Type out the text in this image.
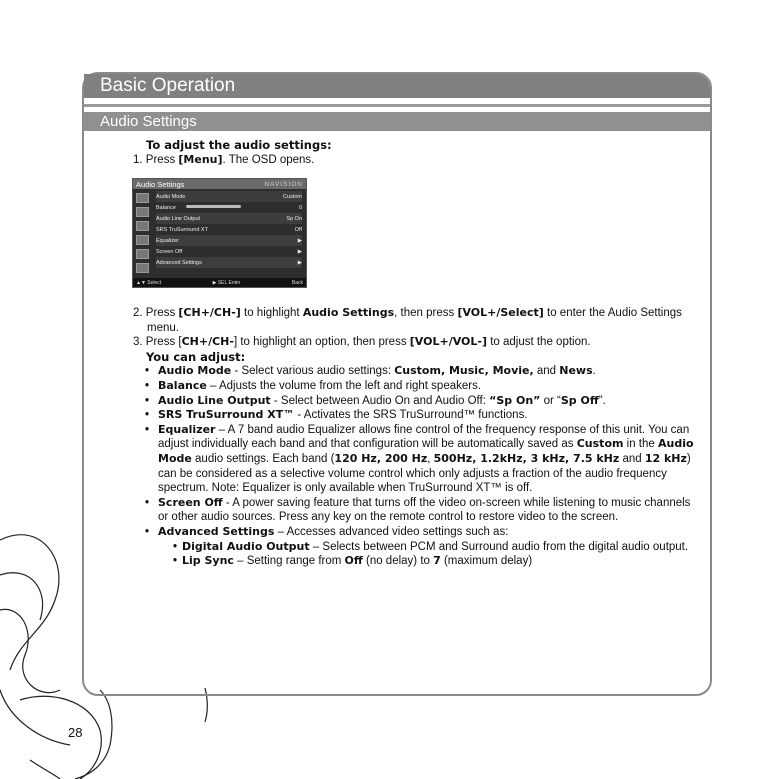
Basic Operation
Audio Settings
To adjust the audio settings:

1. Press [Menu]. The OSD opens.

Audio Settings	NAVISION
Audio Mode	Custom
Balance	0
Audio Line Output	Sp On
SRS TruSurround XT	Off
Equalizer	▶
Screen Off	▶
Advanced Settings	▶
▲▼ Select	▶ SEL Enter	Back

2. Press [CH+/CH-] to highlight Audio Settings, then press [VOL+/Select] to enter the Audio Settings menu.

3. Press [CH+/CH-] to highlight an option, then press [VOL+/VOL-] to adjust the option.

You can adjust:
• Audio Mode - Select various audio settings: Custom, Music, Movie, and News.
• Balance – Adjusts the volume from the left and right speakers.
• Audio Line Output - Select between Audio On and Audio Off: “Sp On” or “Sp Off”.
• SRS TruSurround XT™ - Activates the SRS TruSurround™ functions.
• Equalizer – A 7 band audio Equalizer allows fine control of the frequency response of this unit. You can adjust individually each band and that configuration will be automatically saved as Custom in the Audio Mode audio settings. Each band (120 Hz, 200 Hz, 500Hz, 1.2kHz, 3 kHz, 7.5 kHz and 12 kHz) can be considered as a selective volume control which only adjusts a fraction of the audio frequency spectrum. Note: Equalizer is only available when TruSurround XT™ is off.
• Screen Off - A power saving feature that turns off the video on-screen while listening to music channels or other audio sources. Press any key on the remote control to restore video to the screen.
• Advanced Settings – Accesses advanced video settings such as:
• Digital Audio Output – Selects between PCM and Surround audio from the digital audio output.
• Lip Sync – Setting range from Off (no delay) to 7 (maximum delay)
28
